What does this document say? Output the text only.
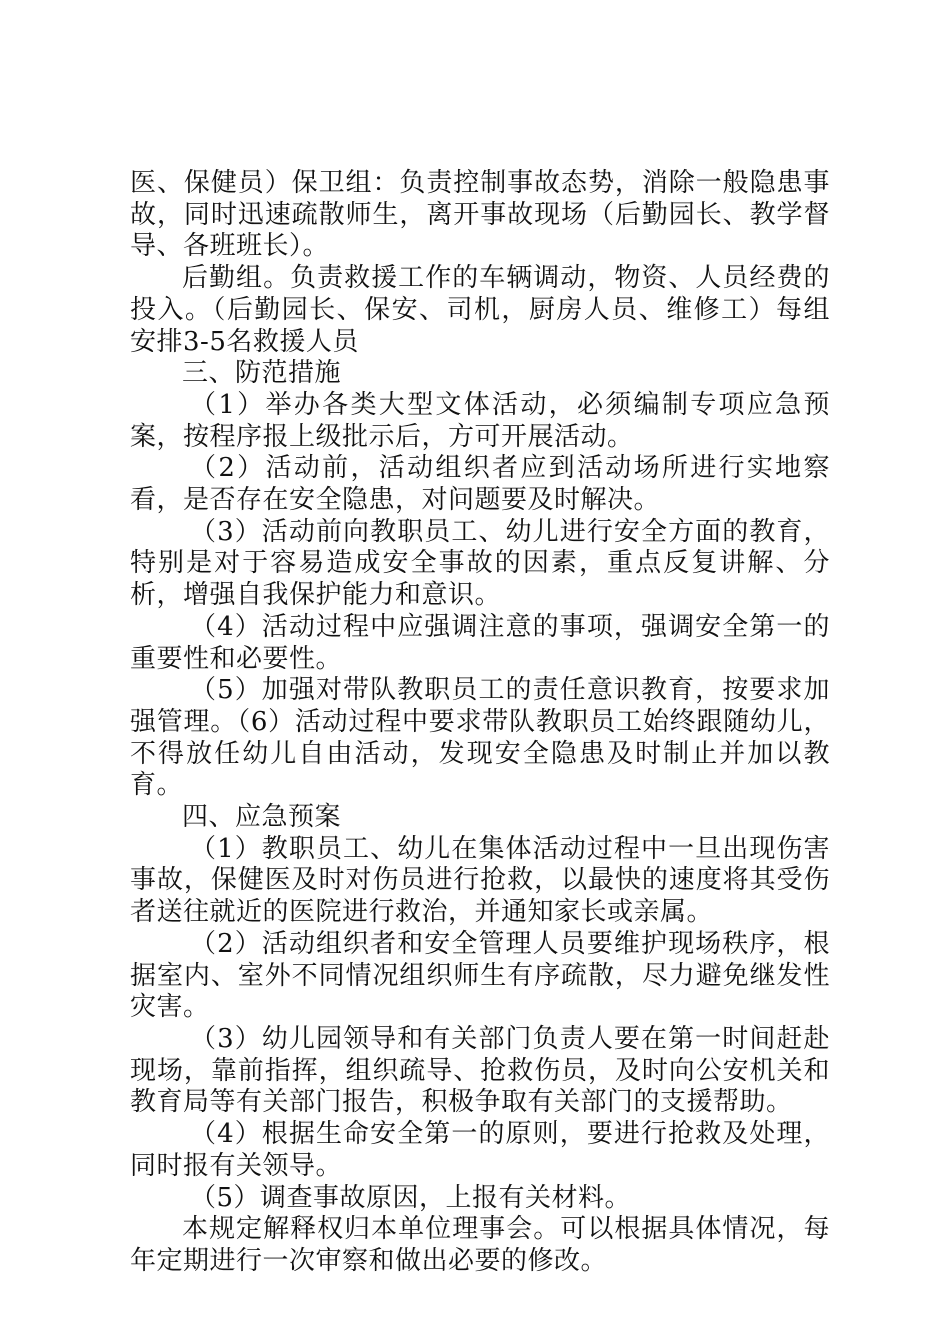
医、保健员）保卫组：负责控制事故态势，消除一般隐患事故，同时迅速疏散师生，离开事故现场（后勤园长、教学督导、各班班长）。

后勤组。负责救援工作的车辆调动，物资、人员经费的投入。（后勤园长、保安、司机，厨房人员、维修工）每组安排3-5名救援人员

三、防范措施

（1）举办各类大型文体活动，必须编制专项应急预案，按程序报上级批示后，方可开展活动。

（2）活动前，活动组织者应到活动场所进行实地察看，是否存在安全隐患，对问题要及时解决。

（3）活动前向教职员工、幼儿进行安全方面的教育，特别是对于容易造成安全事故的因素，重点反复讲解、分析，增强自我保护能力和意识。

（4）活动过程中应强调注意的事项，强调安全第一的重要性和必要性。

（5）加强对带队教职员工的责任意识教育，按要求加强管理。（6）活动过程中要求带队教职员工始终跟随幼儿，不得放任幼儿自由活动，发现安全隐患及时制止并加以教育。

四、应急预案

（1）教职员工、幼儿在集体活动过程中一旦出现伤害事故，保健医及时对伤员进行抢救，以最快的速度将其受伤者送往就近的医院进行救治，并通知家长或亲属。

（2）活动组织者和安全管理人员要维护现场秩序，根据室内、室外不同情况组织师生有序疏散，尽力避免继发性灾害。

（3）幼儿园领导和有关部门负责人要在第一时间赶赴现场，靠前指挥，组织疏导、抢救伤员，及时向公安机关和教育局等有关部门报告，积极争取有关部门的支援帮助。

（4）根据生命安全第一的原则，要进行抢救及处理，同时报有关领导。

（5）调查事故原因，上报有关材料。

本规定解释权归本单位理事会。可以根据具体情况，每年定期进行一次审察和做出必要的修改。
